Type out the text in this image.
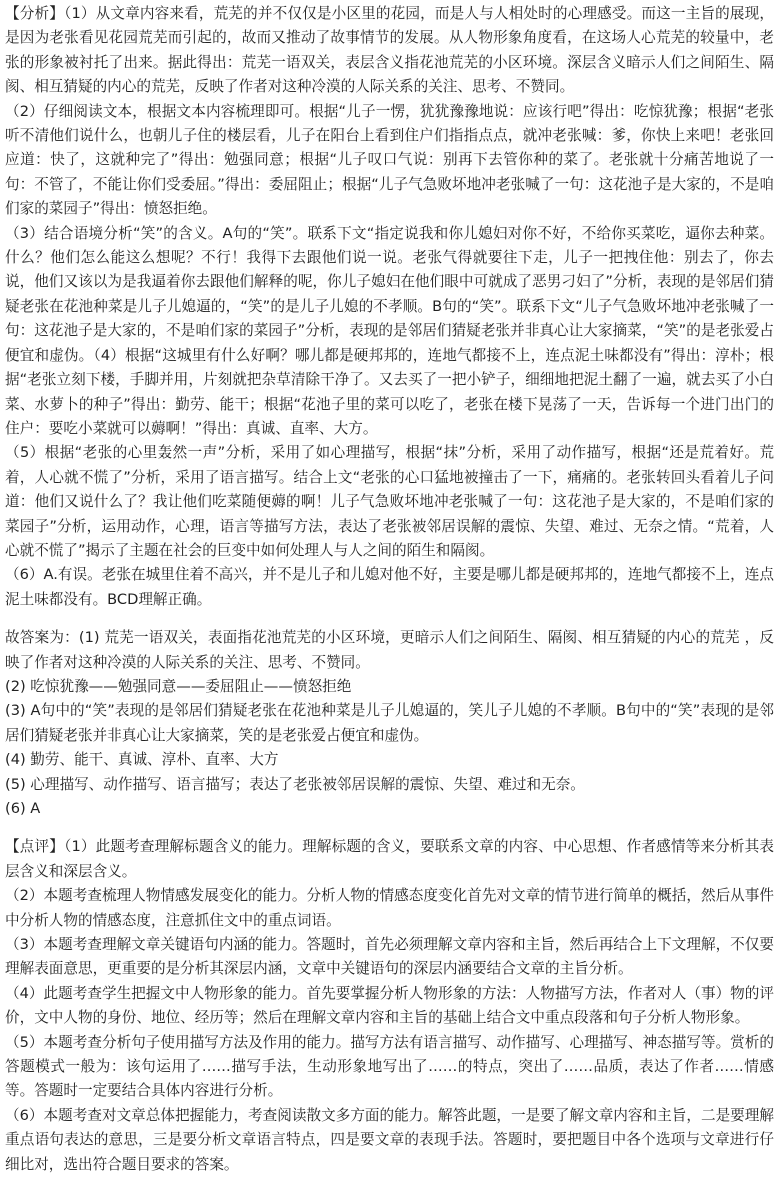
【分析】（1）从文章内容来看，荒芜的并不仅仅是小区里的花园，而是人与人相处时的心理感受。而这一主旨的展现，是因为老张看见花园荒芜而引起的，故而又推动了故事情节的发展。从人物形象角度看，在这场人心荒芜的较量中，老张的形象被衬托了出来。据此得出：荒芜一语双关，表层含义指花池荒芜的小区环境。深层含义暗示人们之间陌生、隔阂、相互猜疑的内心的荒芜，反映了作者对这种冷漠的人际关系的关注、思考、不赞同。

（2）仔细阅读文本，根据文本内容梳理即可。根据“儿子一愣，犹犹豫豫地说：应该行吧”得出：吃惊犹豫；根据“老张听不清他们说什么，也朝儿子住的楼层看，儿子在阳台上看到住户们指指点点，就冲老张喊：爹，你快上来吧！老张回应道：快了，这就种完了”得出：勉强同意；根据“儿子叹口气说：别再下去管你种的菜了。老张就十分痛苦地说了一句：不管了，不能让你们受委屈。”得出：委屈阻止；根据“儿子气急败坏地冲老张喊了一句：这花池子是大家的，不是咱们家的菜园子”得出：愤怒拒绝。

（3）结合语境分析“笑”的含义。A句的“笑”。联系下文“指定说我和你儿媳妇对你不好，不给你买菜吃，逼你去种菜。什么？他们怎么能这么想呢？不行！我得下去跟他们说一说。老张气得就要往下走，儿子一把拽住他：别去了，你去说，他们又该以为是我逼着你去跟他们解释的呢，你儿子媳妇在他们眼中可就成了恶男刁妇了”分析，表现的是邻居们猜疑老张在花池种菜是儿子儿媳逼的，“笑”的是儿子儿媳的不孝顺。B句的“笑”。联系下文“儿子气急败坏地冲老张喊了一句：这花池子是大家的，不是咱们家的菜园子”分析，表现的是邻居们猜疑老张并非真心让大家摘菜，“笑”的是老张爱占便宜和虚伪。（4）根据“这城里有什么好啊？哪儿都是硬邦邦的，连地气都接不上，连点泥土味都没有”得出：淳朴；根据“老张立刻下楼，手脚并用，片刻就把杂草清除干净了。又去买了一把小铲子，细细地把泥土翻了一遍，就去买了小白菜、水萝卜的种子”得出：勤劳、能干；根据“花池子里的菜可以吃了，老张在楼下晃荡了一天，告诉每一个进门出门的住户：要吃小菜就可以薅啊！”得出：真诚、直率、大方。

（5）根据“老张的心里轰然一声”分析，采用了如心理描写，根据“抹”分析，采用了动作描写，根据“还是荒着好。荒着，人心就不慌了”分析，采用了语言描写。结合上文“老张的心口猛地被撞击了一下，痛痛的。老张转回头看着儿子问道：他们又说什么了？我让他们吃菜随便薅的啊！儿子气急败坏地冲老张喊了一句：这花池子是大家的，不是咱们家的菜园子”分析，运用动作，心理，语言等描写方法，表达了老张被邻居误解的震惊、失望、难过、无奈之情。“荒着，人心就不慌了”揭示了主题在社会的巨变中如何处理人与人之间的陌生和隔阂。

（6）A.有误。老张在城里住着不高兴，并不是儿子和儿媳对他不好，主要是哪儿都是硬邦邦的，连地气都接不上，连点泥土味都没有。BCD理解正确。

故答案为：(1) 荒芜一语双关，表面指花池荒芜的小区环境，更暗示人们之间陌生、隔阂、相互猜疑的内心的荒芜 ，反映了作者对这种冷漠的人际关系的关注、思考、不赞同。

(2) 吃惊犹豫——勉强同意——委屈阻止——愤怒拒绝

(3) A句中的“笑”表现的是邻居们猜疑老张在花池种菜是儿子儿媳逼的，笑儿子儿媳的不孝顺。B句中的“笑”表现的是邻居们猜疑老张并非真心让大家摘菜，笑的是老张爱占便宜和虚伪。

(4) 勤劳、能干、真诚、淳朴、直率、大方

(5) 心理描写、动作描写、语言描写；表达了老张被邻居误解的震惊、失望、难过和无奈。

(6) A

【点评】（1）此题考查理解标题含义的能力。理解标题的含义，要联系文章的内容、中心思想、作者感情等来分析其表层含义和深层含义。

（2）本题考查梳理人物情感发展变化的能力。分析人物的情感态度变化首先对文章的情节进行简单的概括，然后从事件中分析人物的情感态度，注意抓住文中的重点词语。

（3）本题考查理解文章关键语句内涵的能力。答题时，首先必须理解文章内容和主旨，然后再结合上下文理解，不仅要理解表面意思，更重要的是分析其深层内涵，文章中关键语句的深层内涵要结合文章的主旨分析。

（4）此题考查学生把握文中人物形象的能力。首先要掌握分析人物形象的方法：人物描写方法，作者对人（事）物的评价，文中人物的身份、地位、经历等；然后在理解文章内容和主旨的基础上结合文中重点段落和句子分析人物形象。

（5）本题考查分析句子使用描写方法及作用的能力。描写方法有语言描写、动作描写、心理描写、神态描写等。赏析的答题模式一般为：该句运用了……描写手法，生动形象地写出了……的特点，突出了……品质，表达了作者……情感等。答题时一定要结合具体内容进行分析。

（6）本题考查对文章总体把握能力，考查阅读散文多方面的能力。解答此题，一是要了解文章内容和主旨，二是要理解重点语句表达的意思，三是要分析文章语言特点，四是要文章的表现手法。答题时，要把题目中各个选项与文章进行仔细比对，选出符合题目要求的答案。
